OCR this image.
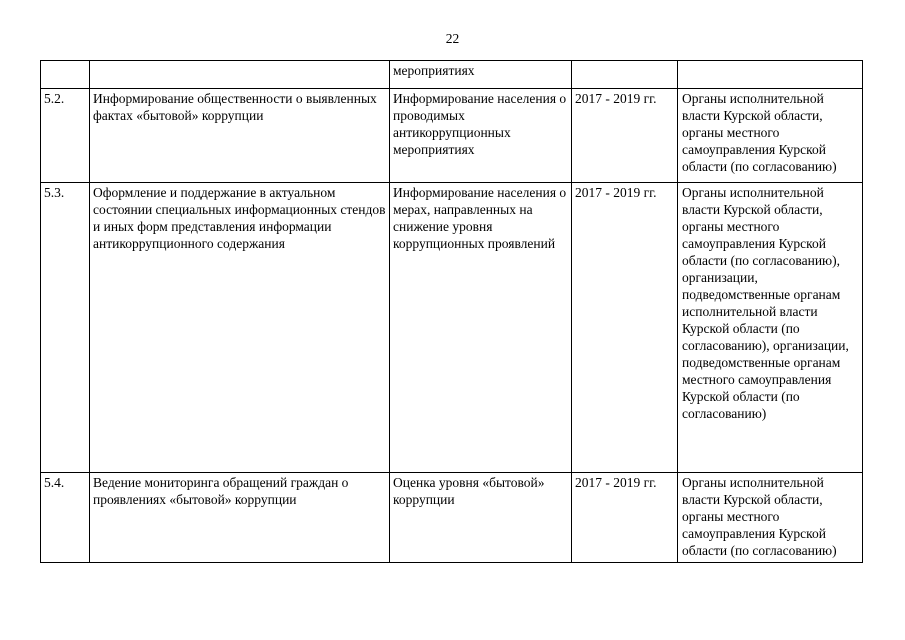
22

		мероприятиях		

5.2.	Информирование общественности о выявленных фактах «бытовой» коррупции	Информирование населения о проводимых антикоррупционных мероприятиях	2017 - 2019 гг.	Органы исполнительной власти Курской области, органы местного самоуправления Курской области (по согласованию)

5.3.	Оформление и поддержание в актуальном состоянии специальных информационных стендов и иных форм представления информации антикоррупционного содержания	Информирование населения о мерах, направленных на снижение уровня коррупционных проявлений	2017 - 2019 гг.	Органы исполнительной власти Курской области, органы местного самоуправления Курской области (по согласованию), организации, подведомственные органам исполнительной власти Курской области (по согласованию), организации, подведомственные органам местного самоуправления Курской области (по согласованию)

5.4.	Ведение мониторинга обращений граждан о проявлениях «бытовой» коррупции	Оценка уровня «бытовой» коррупции	2017 - 2019 гг.	Органы исполнительной власти Курской области, органы местного самоуправления Курской области (по согласованию)
